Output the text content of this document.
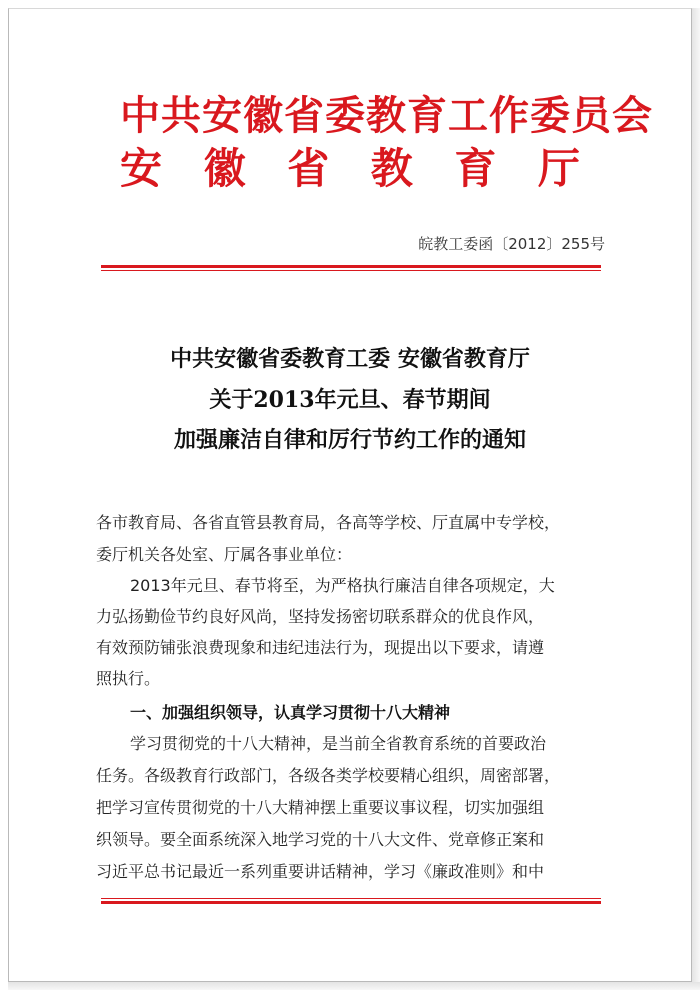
中共安徽省委教育工作委员会
安 徽 省 教 育 厅
皖教工委函〔2012〕255号
中共安徽省委教育工委 安徽省教育厅
关于2013年元旦、春节期间
加强廉洁自律和厉行节约工作的通知
各市教育局、各省直管县教育局，各高等学校、厅直属中专学校，
委厅机关各处室、厅属各事业单位：
2013年元旦、春节将至，为严格执行廉洁自律各项规定，大
力弘扬勤俭节约良好风尚，坚持发扬密切联系群众的优良作风，
有效预防铺张浪费现象和违纪违法行为，现提出以下要求，请遵
照执行。
一、加强组织领导，认真学习贯彻十八大精神
学习贯彻党的十八大精神，是当前全省教育系统的首要政治
任务。各级教育行政部门，各级各类学校要精心组织，周密部署，
把学习宣传贯彻党的十八大精神摆上重要议事议程，切实加强组
织领导。要全面系统深入地学习党的十八大文件、党章修正案和
习近平总书记最近一系列重要讲话精神，学习《廉政准则》和中
